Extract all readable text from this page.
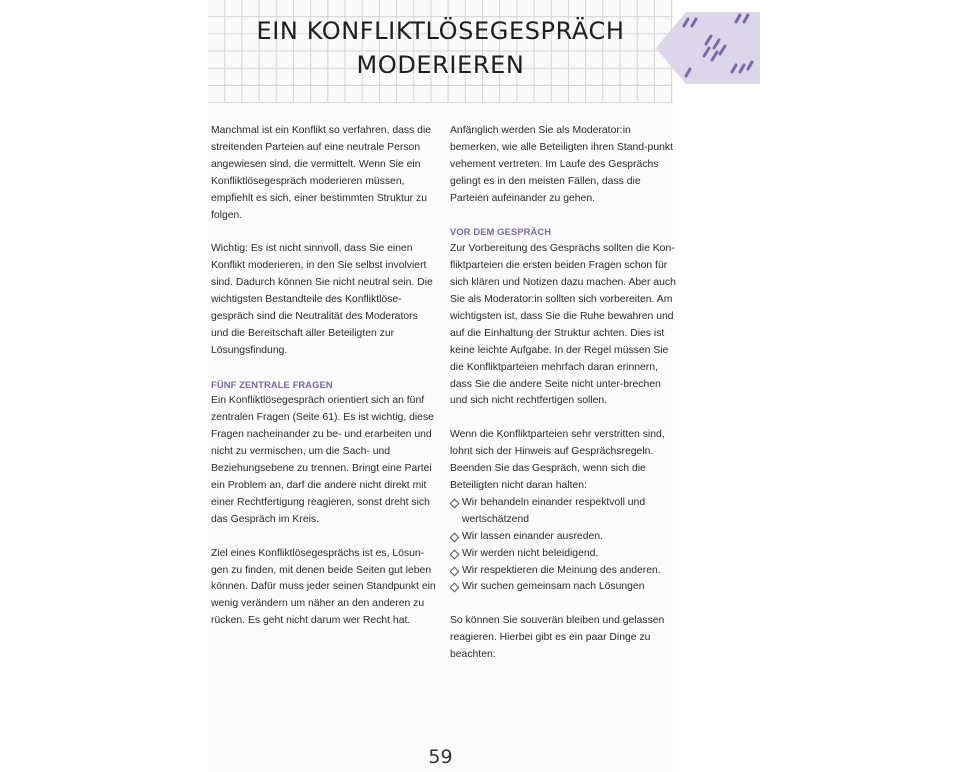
EIN KONFLIKTLÖSEGESPRÄCH
MODERIEREN

Manchmal ist ein Konflikt so verfahren, dass die streitenden Parteien auf eine neutrale Person angewiesen sind, die vermittelt. Wenn Sie ein Konfliktlösegespräch moderieren müssen, empfiehlt es sich, einer bestimmten Struktur zu folgen.

Wichtig: Es ist nicht sinnvoll, dass Sie einen Konflikt moderieren, in den Sie selbst involviert sind. Dadurch können Sie nicht neutral sein. Die wichtigsten Bestandteile des Konfliktlöse-gespräch sind die Neutralität des Moderators und die Bereitschaft aller Beteiligten zur Lösungsfindung.

FÜNF ZENTRALE FRAGEN

Ein Konfliktlösegespräch orientiert sich an fünf zentralen Fragen (Seite 61). Es ist wichtig, diese Fragen nacheinander zu be- und erarbeiten und nicht zu vermischen, um die Sach- und Beziehungsebene zu trennen. Bringt eine Partei ein Problem an, darf die andere nicht direkt mit einer Rechtfertigung reagieren, sonst dreht sich das Gespräch im Kreis.

Ziel eines Konfliktlösegesprächs ist es, Lösun-gen zu finden, mit denen beide Seiten gut leben können. Dafür muss jeder seinen Standpunkt ein wenig verändern um näher an den anderen zu rücken. Es geht nicht darum wer Recht hat.

Anfänglich werden Sie als Moderator:in bemerken, wie alle Beteiligten ihren Stand-punkt vehement vertreten. Im Laufe des Gesprächs gelingt es in den meisten Fällen, dass die Parteien aufeinander zu gehen.

VOR DEM GESPRÄCH

Zur Vorbereitung des Gesprächs sollten die Kon-fliktparteien die ersten beiden Fragen schon für sich klären und Notizen dazu machen. Aber auch Sie als Moderator:in sollten sich vorbereiten. Am wichtigsten ist, dass Sie die Ruhe bewahren und auf die Einhaltung der Struktur achten. Dies ist keine leichte Aufgabe. In der Regel müssen Sie die Konfliktparteien mehrfach daran erinnern, dass Sie die andere Seite nicht unter-brechen und sich nicht rechtfertigen sollen.

Wenn die Konfliktparteien sehr verstritten sind, lohnt sich der Hinweis auf Gesprächsregeln. Beenden Sie das Gespräch, wenn sich die Beteiligten nicht daran halten:

Wir behandeln einander respektvoll und wertschätzend
Wir lassen einander ausreden.
Wir werden nicht beleidigend.
Wir respektieren die Meinung des anderen.
Wir suchen gemeinsam nach Lösungen

So können Sie souverän bleiben und gelassen reagieren. Hierbei gibt es ein paar Dinge zu beachten:

59
